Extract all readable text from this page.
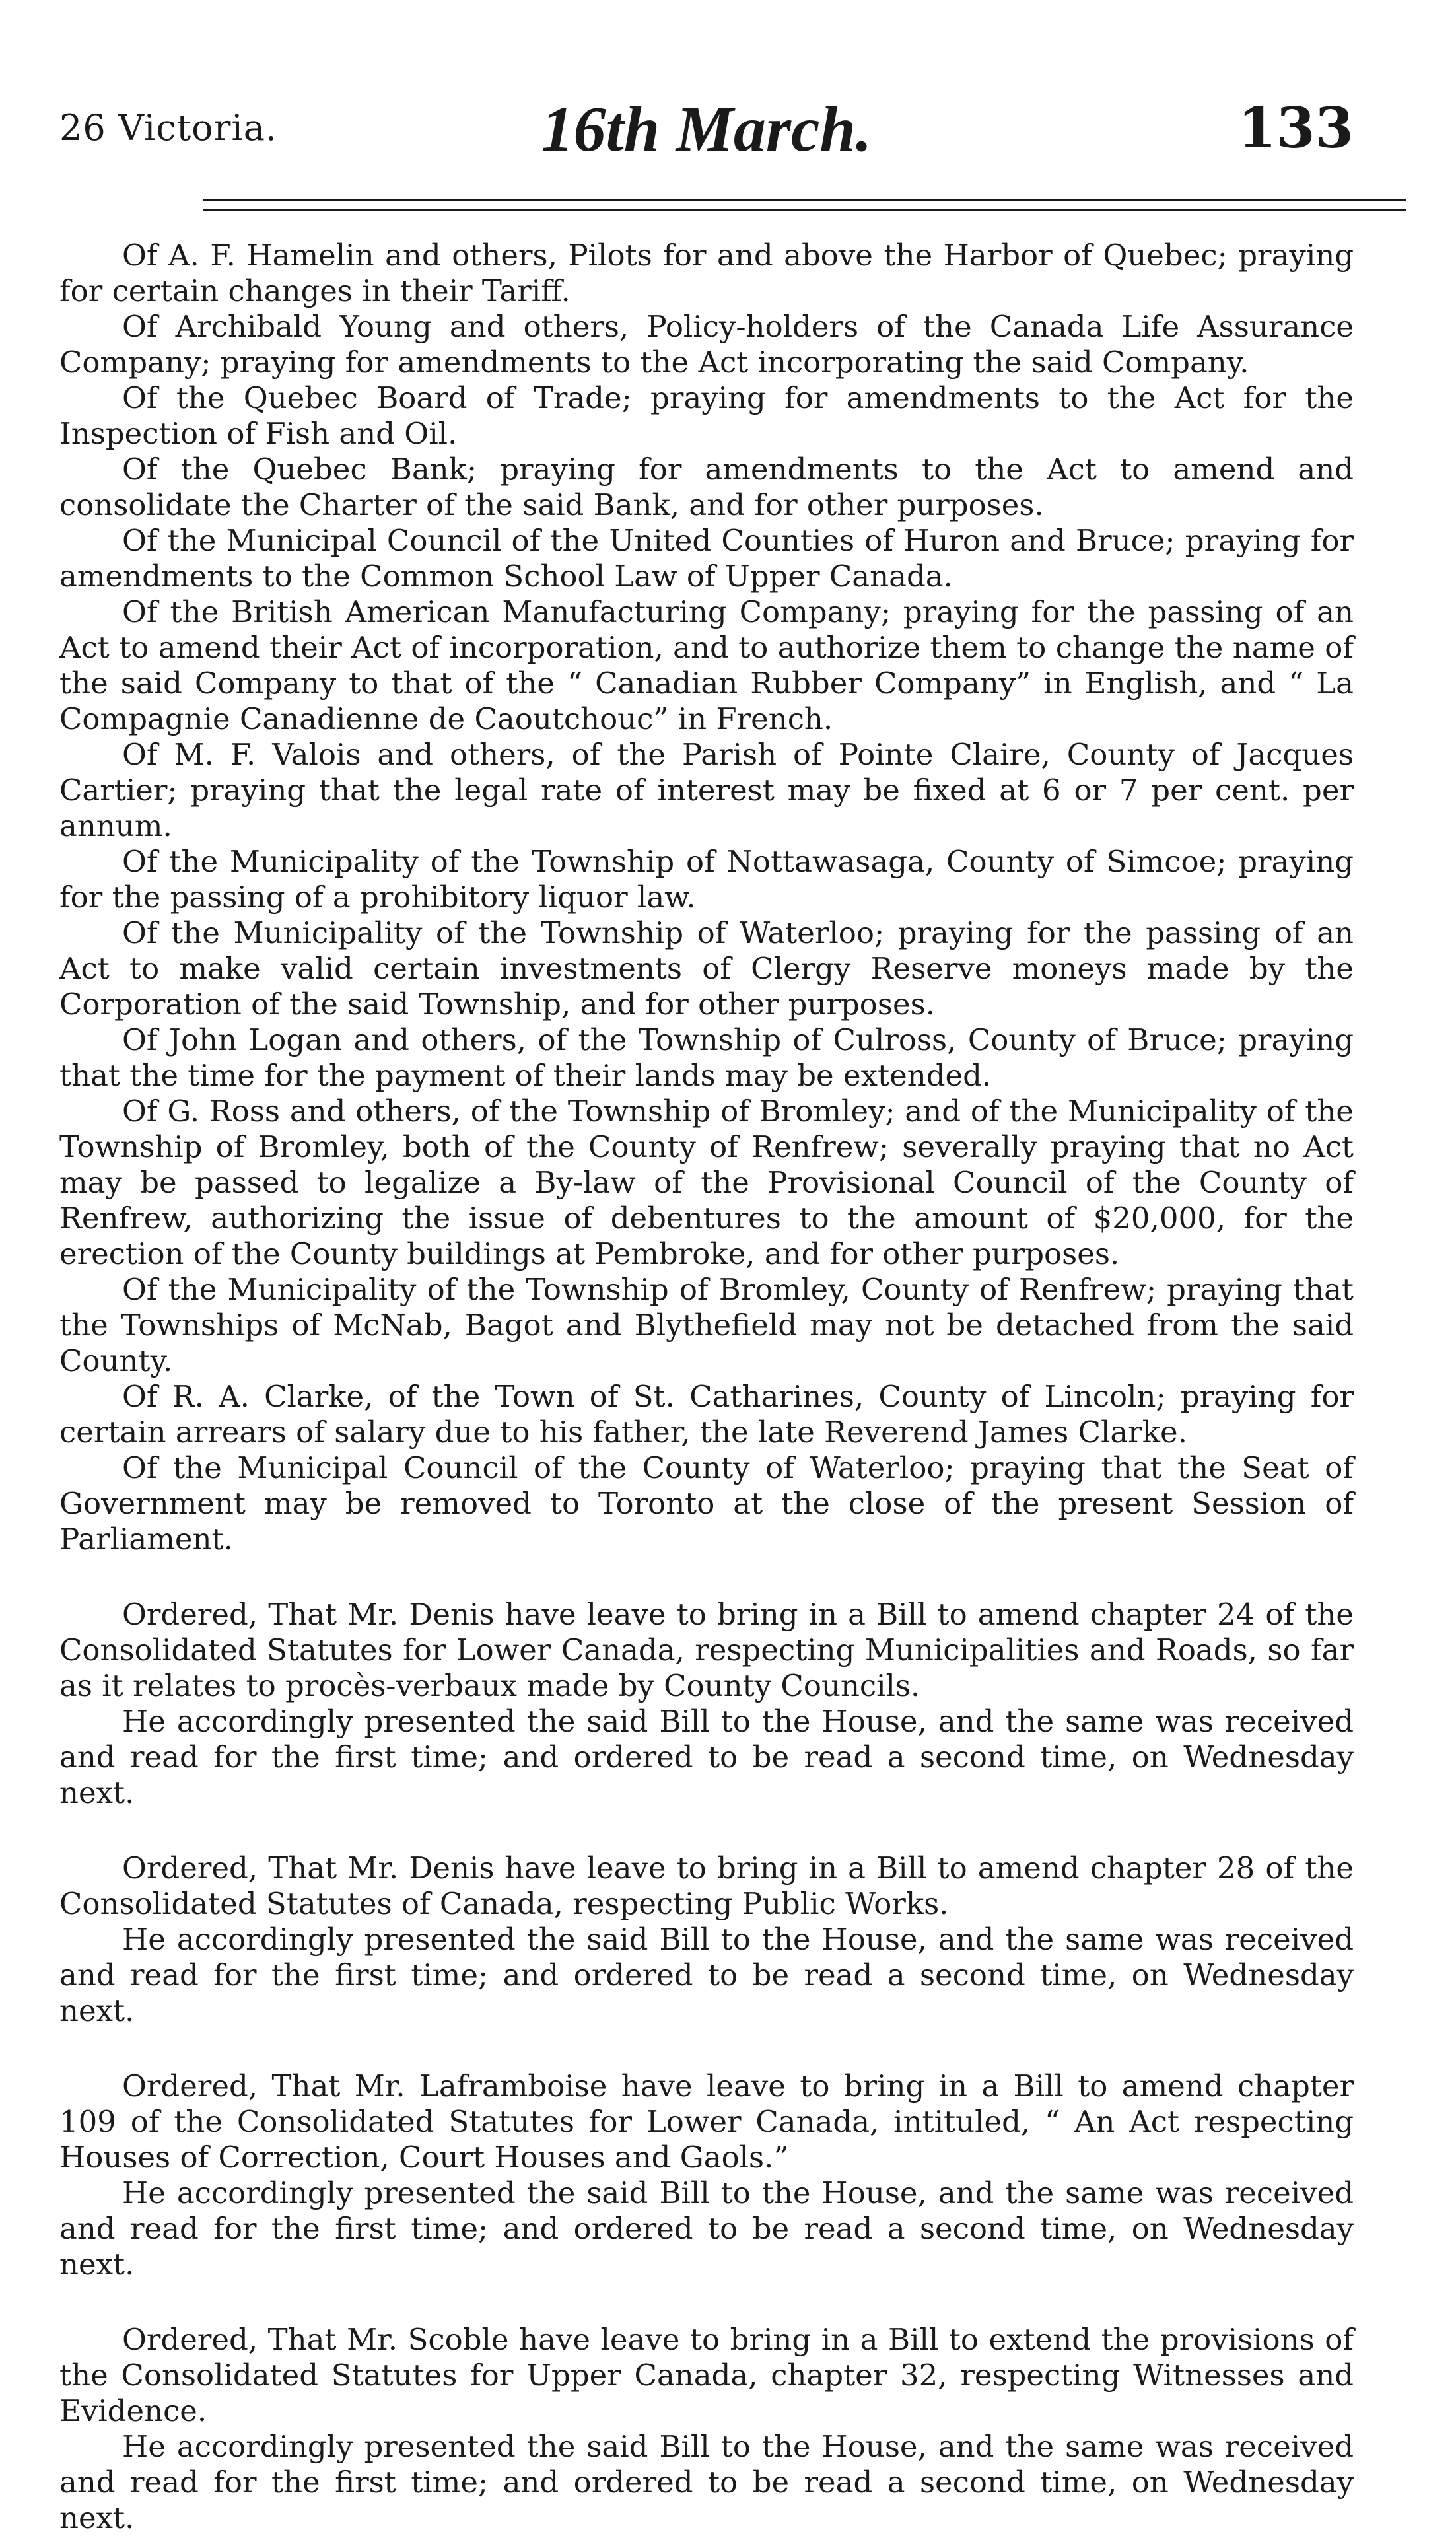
26 Victoria.	16th March.	133

Of A. F. Hamelin and others, Pilots for and above the Harbor of Quebec; praying for certain changes in their Tariff.

Of Archibald Young and others, Policy-holders of the Canada Life Assurance Company; praying for amendments to the Act incorporating the said Company.

Of the Quebec Board of Trade; praying for amendments to the Act for the Inspection of Fish and Oil.

Of the Quebec Bank; praying for amendments to the Act to amend and consolidate the Charter of the said Bank, and for other purposes.

Of the Municipal Council of the United Counties of Huron and Bruce; praying for amendments to the Common School Law of Upper Canada.

Of the British American Manufacturing Company; praying for the passing of an Act to amend their Act of incorporation, and to authorize them to change the name of the said Company to that of the “ Canadian Rubber Company” in English, and “ La Compagnie Canadienne de Caoutchouc” in French.

Of M. F. Valois and others, of the Parish of Pointe Claire, County of Jacques Cartier; praying that the legal rate of interest may be fixed at 6 or 7 per cent. per annum.

Of the Municipality of the Township of Nottawasaga, County of Simcoe; praying for the passing of a prohibitory liquor law.

Of the Municipality of the Township of Waterloo; praying for the passing of an Act to make valid certain investments of Clergy Reserve moneys made by the Corporation of the said Township, and for other purposes.

Of John Logan and others, of the Township of Culross, County of Bruce; praying that the time for the payment of their lands may be extended.

Of G. Ross and others, of the Township of Bromley; and of the Municipality of the Township of Bromley, both of the County of Renfrew; severally praying that no Act may be passed to legalize a By-law of the Provisional Council of the County of Renfrew, authorizing the issue of debentures to the amount of $20,000, for the erection of the County buildings at Pembroke, and for other purposes.

Of the Municipality of the Township of Bromley, County of Renfrew; praying that the Townships of McNab, Bagot and Blythefield may not be detached from the said County.

Of R. A. Clarke, of the Town of St. Catharines, County of Lincoln; praying for certain arrears of salary due to his father, the late Reverend James Clarke.

Of the Municipal Council of the County of Waterloo; praying that the Seat of Government may be removed to Toronto at the close of the present Session of Parliament.

Ordered, That Mr. Denis have leave to bring in a Bill to amend chapter 24 of the Consolidated Statutes for Lower Canada, respecting Municipalities and Roads, so far as it relates to procès-verbaux made by County Councils.

He accordingly presented the said Bill to the House, and the same was received and read for the first time; and ordered to be read a second time, on Wednesday next.

Ordered, That Mr. Denis have leave to bring in a Bill to amend chapter 28 of the Consolidated Statutes of Canada, respecting Public Works.

He accordingly presented the said Bill to the House, and the same was received and read for the first time; and ordered to be read a second time, on Wednesday next.

Ordered, That Mr. Laframboise have leave to bring in a Bill to amend chapter 109 of the Consolidated Statutes for Lower Canada, intituled, “ An Act respecting Houses of Correction, Court Houses and Gaols.”

He accordingly presented the said Bill to the House, and the same was received and read for the first time; and ordered to be read a second time, on Wednesday next.

Ordered, That Mr. Scoble have leave to bring in a Bill to extend the provisions of the Consolidated Statutes for Upper Canada, chapter 32, respecting Witnesses and Evidence.

He accordingly presented the said Bill to the House, and the same was received and read for the first time; and ordered to be read a second time, on Wednesday next.
